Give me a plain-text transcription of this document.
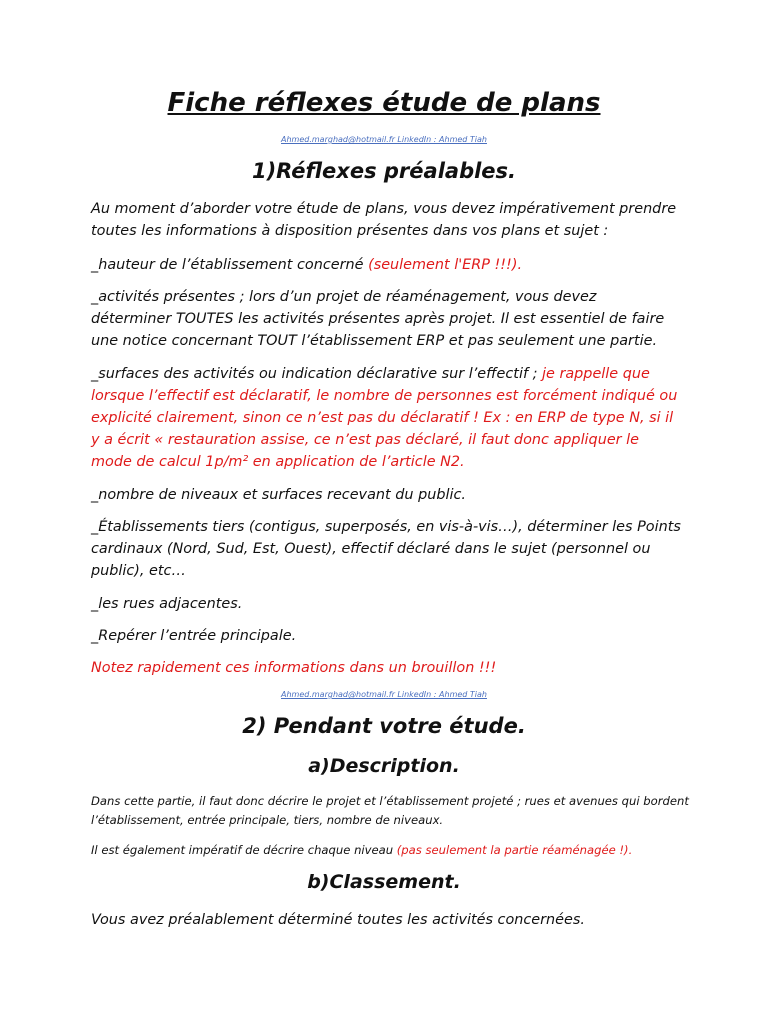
Fiche réflexes étude de plans
Ahmed.marghad@hotmail.fr LinkedIn : Ahmed Tiah
1)Réflexes préalables.
Au moment d’aborder votre étude de plans, vous devez impérativement prendre toutes les informations à disposition présentes dans vos plans et sujet :
_hauteur de l’établissement concerné (seulement l'ERP !!!).
_activités présentes ; lors d’un projet de réaménagement, vous devez déterminer TOUTES les activités présentes après projet. Il est essentiel de faire une notice concernant TOUT l’établissement ERP et pas seulement une partie.
_surfaces des activités ou indication déclarative sur l’effectif ; je rappelle que lorsque l’effectif est déclaratif, le nombre de personnes est forcément indiqué ou explicité clairement, sinon ce n’est pas du déclaratif ! Ex : en ERP de type N, si il y a écrit « restauration assise, ce n’est pas déclaré, il faut donc appliquer le mode de calcul 1p/m² en application de l’article N2.
_nombre de niveaux et surfaces recevant du public.
_Établissements tiers (contigus, superposés, en vis-à-vis…), déterminer les Points cardinaux (Nord, Sud, Est, Ouest), effectif déclaré dans le sujet (personnel ou public), etc…
_les rues adjacentes.
_Repérer l’entrée principale.
Notez rapidement ces informations dans un brouillon !!!
Ahmed.marghad@hotmail.fr LinkedIn : Ahmed Tiah
2) Pendant votre étude.
a)Description.
Dans cette partie, il faut donc décrire le projet et l’établissement projeté ; rues et avenues qui bordent l’établissement, entrée principale, tiers, nombre de niveaux.
Il est également impératif de décrire chaque niveau (pas seulement la partie réaménagée !).
b)Classement.
Vous avez préalablement déterminé toutes les activités concernées.
